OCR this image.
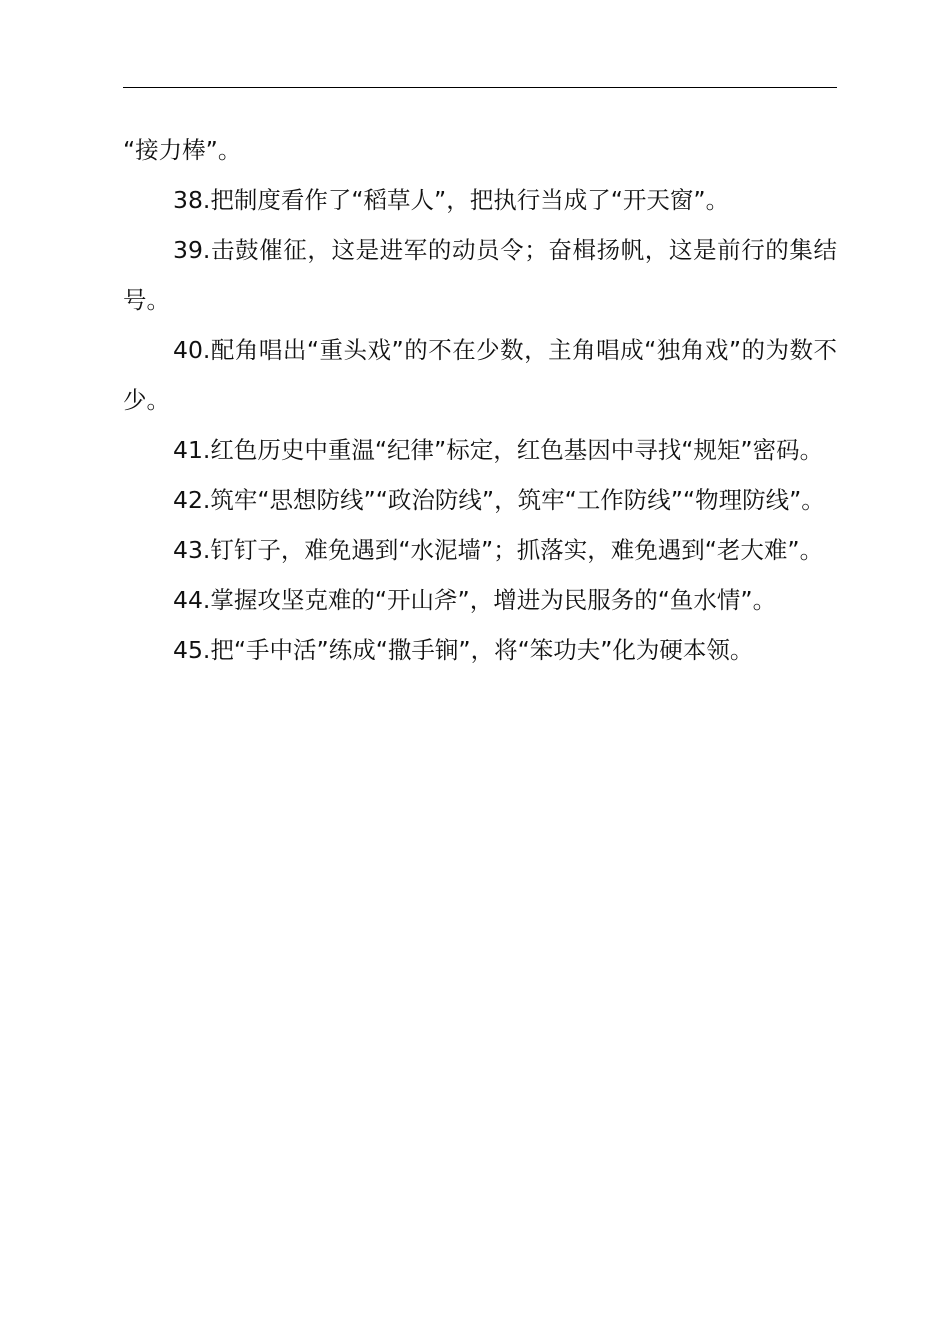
“接力棒”。

38.把制度看作了“稻草人”，把执行当成了“开天窗”。

39.击鼓催征，这是进军的动员令；奋楫扬帆，这是前行的集结号。

40.配角唱出“重头戏”的不在少数，主角唱成“独角戏”的为数不少。

41.红色历史中重温“纪律”标定，红色基因中寻找“规矩”密码。

42.筑牢“思想防线”“政治防线”，筑牢“工作防线”“物理防线”。

43.钉钉子，难免遇到“水泥墙”；抓落实，难免遇到“老大难”。

44.掌握攻坚克难的“开山斧”，增进为民服务的“鱼水情”。

45.把“手中活”练成“撒手锏”，将“笨功夫”化为硬本领。
